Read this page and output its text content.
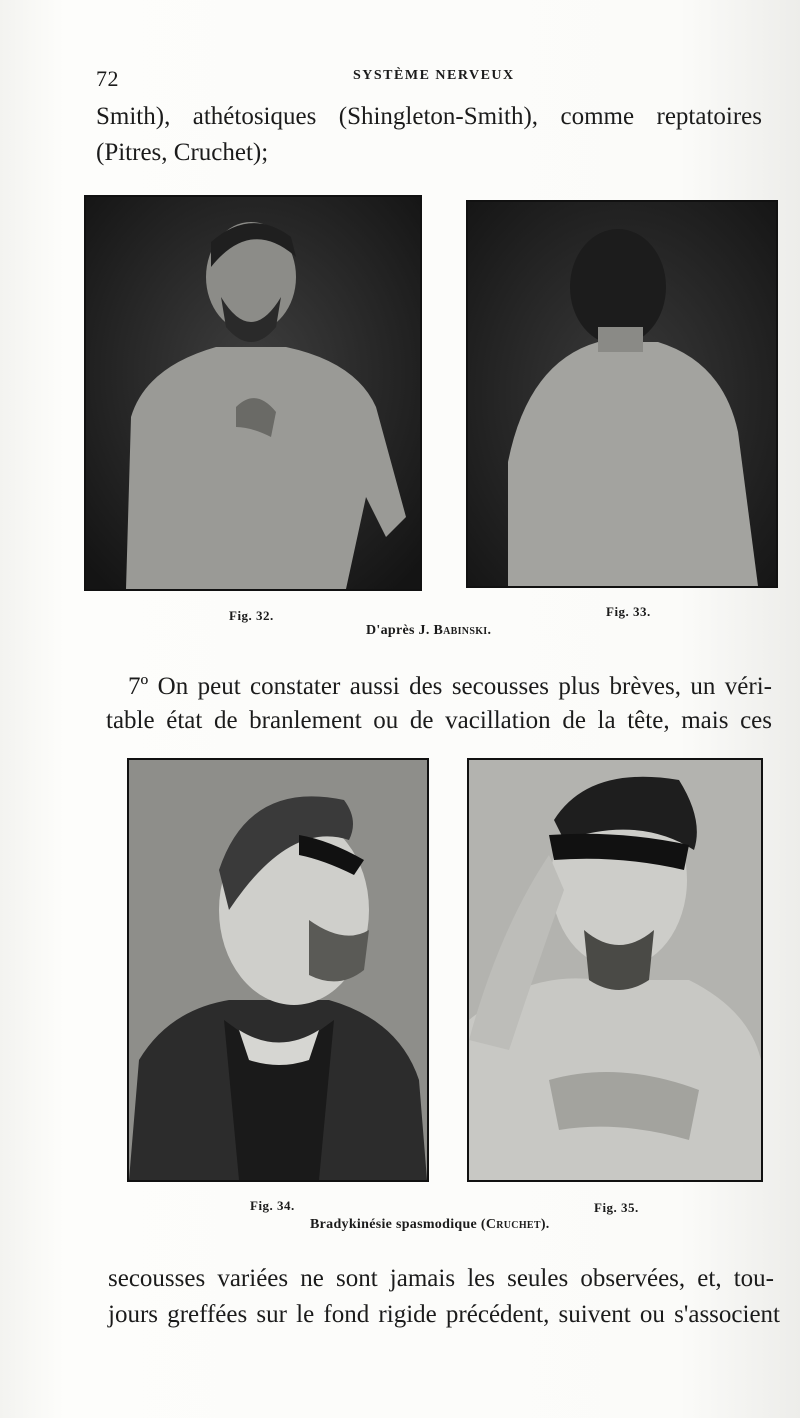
72	SYSTÈME NERVEUX
Smith), athétosiques (Shingleton-Smith), comme reptatoires
(Pitres, Cruchet);
Fig. 32.	Fig. 33.
D'après J. Babinski.
7º On peut constater aussi des secousses plus brèves, un véri-
table état de branlement ou de vacillation de la tête, mais ces
Fig. 34.	Fig. 35.
Bradykinésie spasmodique (Cruchet).
secousses variées ne sont jamais les seules observées, et, tou-
jours greffées sur le fond rigide précédent, suivent ou s'associent
